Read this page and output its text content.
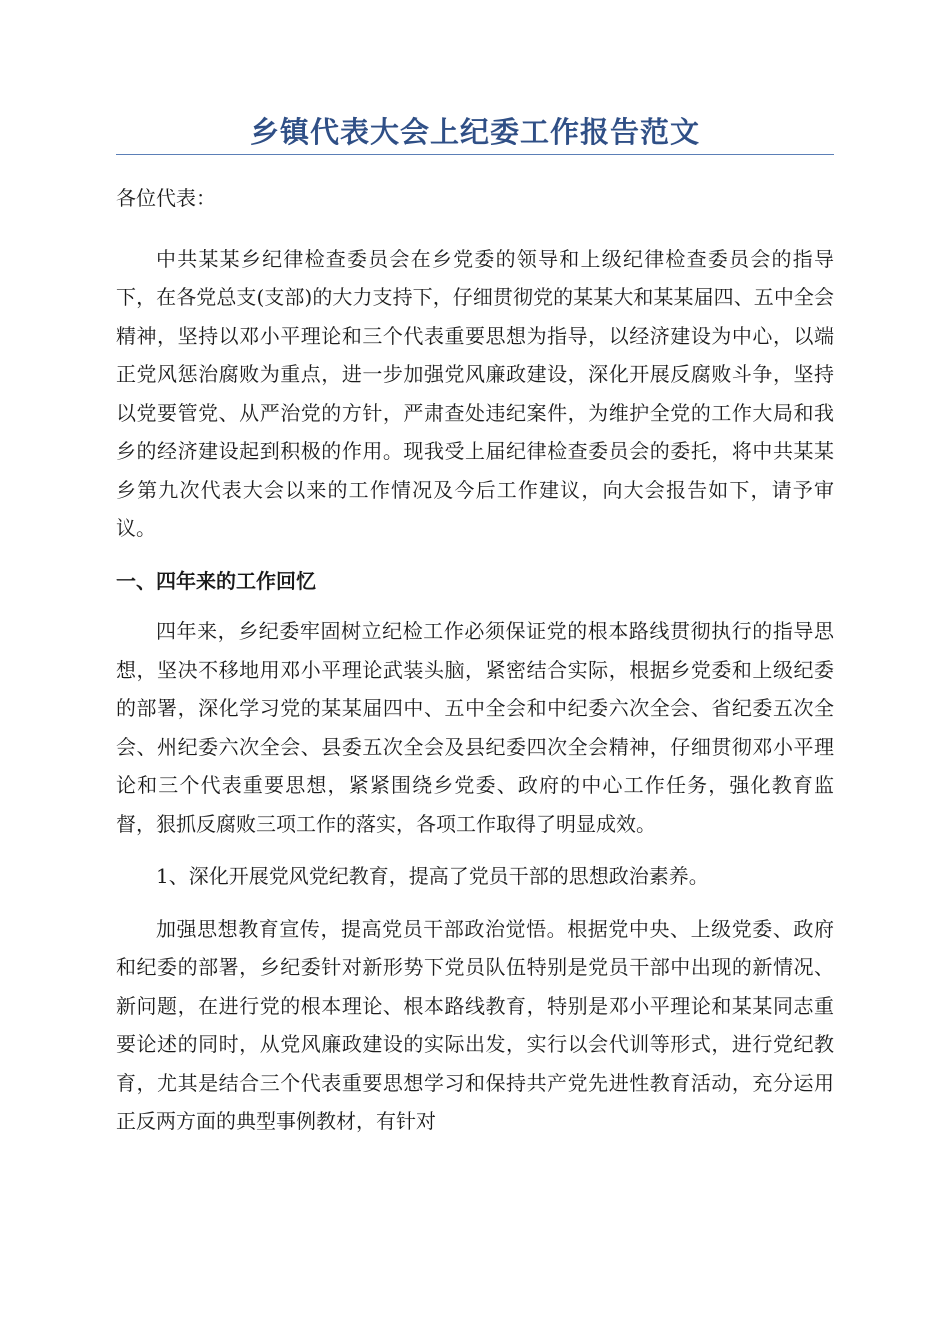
乡镇代表大会上纪委工作报告范文

各位代表：

中共某某乡纪律检查委员会在乡党委的领导和上级纪律检查委员会的指导下，在各党总支(支部)的大力支持下，仔细贯彻党的某某大和某某届四、五中全会精神，坚持以邓小平理论和三个代表重要思想为指导，以经济建设为中心，以端正党风惩治腐败为重点，进一步加强党风廉政建设，深化开展反腐败斗争，坚持以党要管党、从严治党的方针，严肃查处违纪案件，为维护全党的工作大局和我乡的经济建设起到积极的作用。现我受上届纪律检查委员会的委托，将中共某某乡第九次代表大会以来的工作情况及今后工作建议，向大会报告如下，请予审议。

一、四年来的工作回忆

四年来，乡纪委牢固树立纪检工作必须保证党的根本路线贯彻执行的指导思想，坚决不移地用邓小平理论武装头脑，紧密结合实际，根据乡党委和上级纪委的部署，深化学习党的某某届四中、五中全会和中纪委六次全会、省纪委五次全会、州纪委六次全会、县委五次全会及县纪委四次全会精神，仔细贯彻邓小平理论和三个代表重要思想，紧紧围绕乡党委、政府的中心工作任务，强化教育监督，狠抓反腐败三项工作的落实，各项工作取得了明显成效。

1、深化开展党风党纪教育，提高了党员干部的思想政治素养。

加强思想教育宣传，提高党员干部政治觉悟。根据党中央、上级党委、政府和纪委的部署，乡纪委针对新形势下党员队伍特别是党员干部中出现的新情况、新问题，在进行党的根本理论、根本路线教育，特别是邓小平理论和某某同志重要论述的同时，从党风廉政建设的实际出发，实行以会代训等形式，进行党纪教育，尤其是结合三个代表重要思想学习和保持共产党先进性教育活动，充分运用正反两方面的典型事例教材，有针对
